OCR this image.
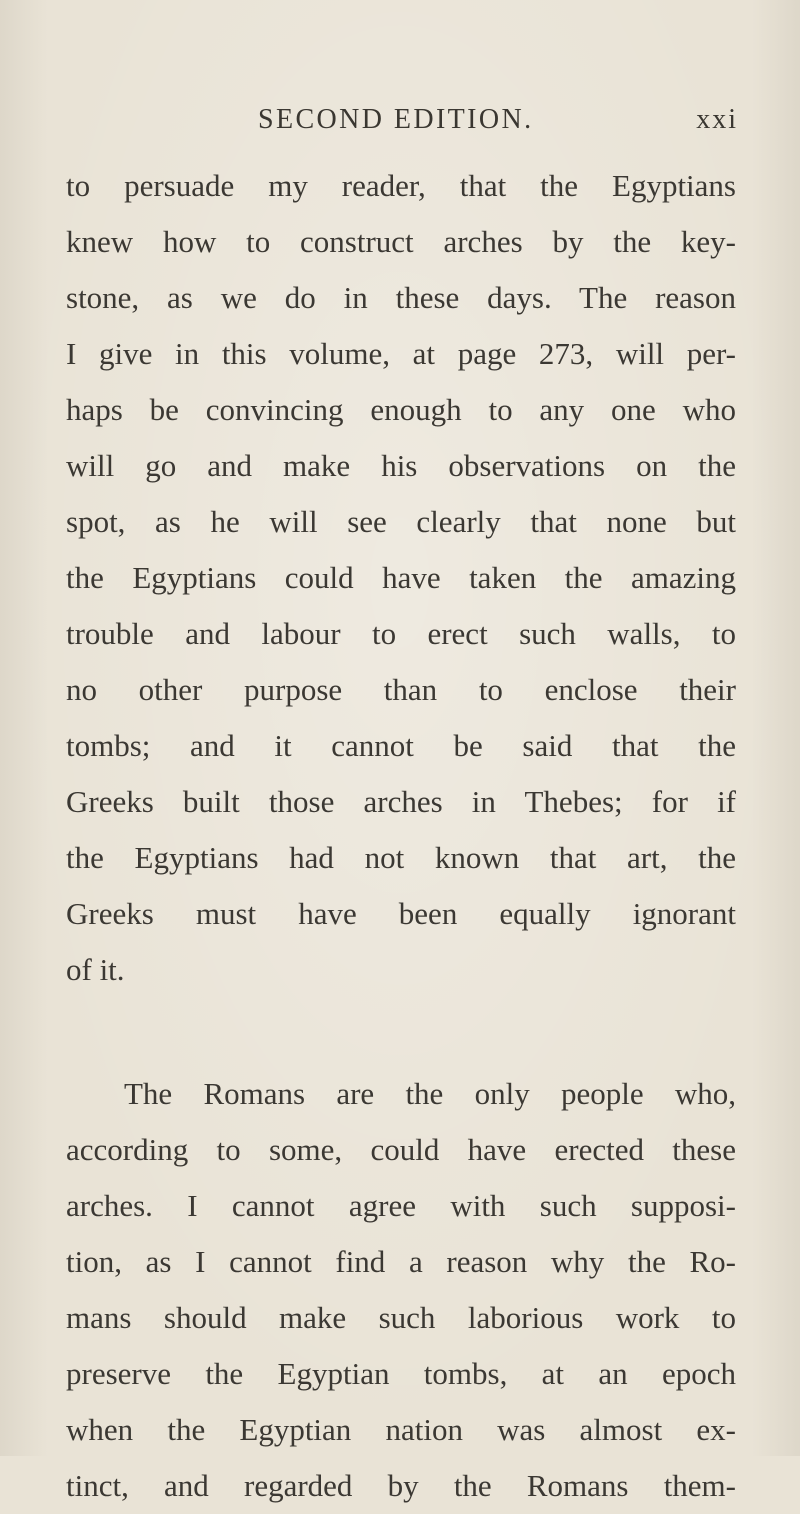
SECOND EDITION.	xxi
to persuade my reader, that the Egyptians
knew how to construct arches by the key-
stone, as we do in these days. The reason
I give in this volume, at page 273, will per-
haps be convincing enough to any one who
will go and make his observations on the
spot, as he will see clearly that none but
the Egyptians could have taken the amazing
trouble and labour to erect such walls, to
no other purpose than to enclose their
tombs; and it cannot be said that the
Greeks built those arches in Thebes; for if
the Egyptians had not known that art, the
Greeks must have been equally ignorant
of it.
The Romans are the only people who,
according to some, could have erected these
arches. I cannot agree with such supposi-
tion, as I cannot find a reason why the Ro-
mans should make such laborious work to
preserve the Egyptian tombs, at an epoch
when the Egyptian nation was almost ex-
tinct, and regarded by the Romans them-
